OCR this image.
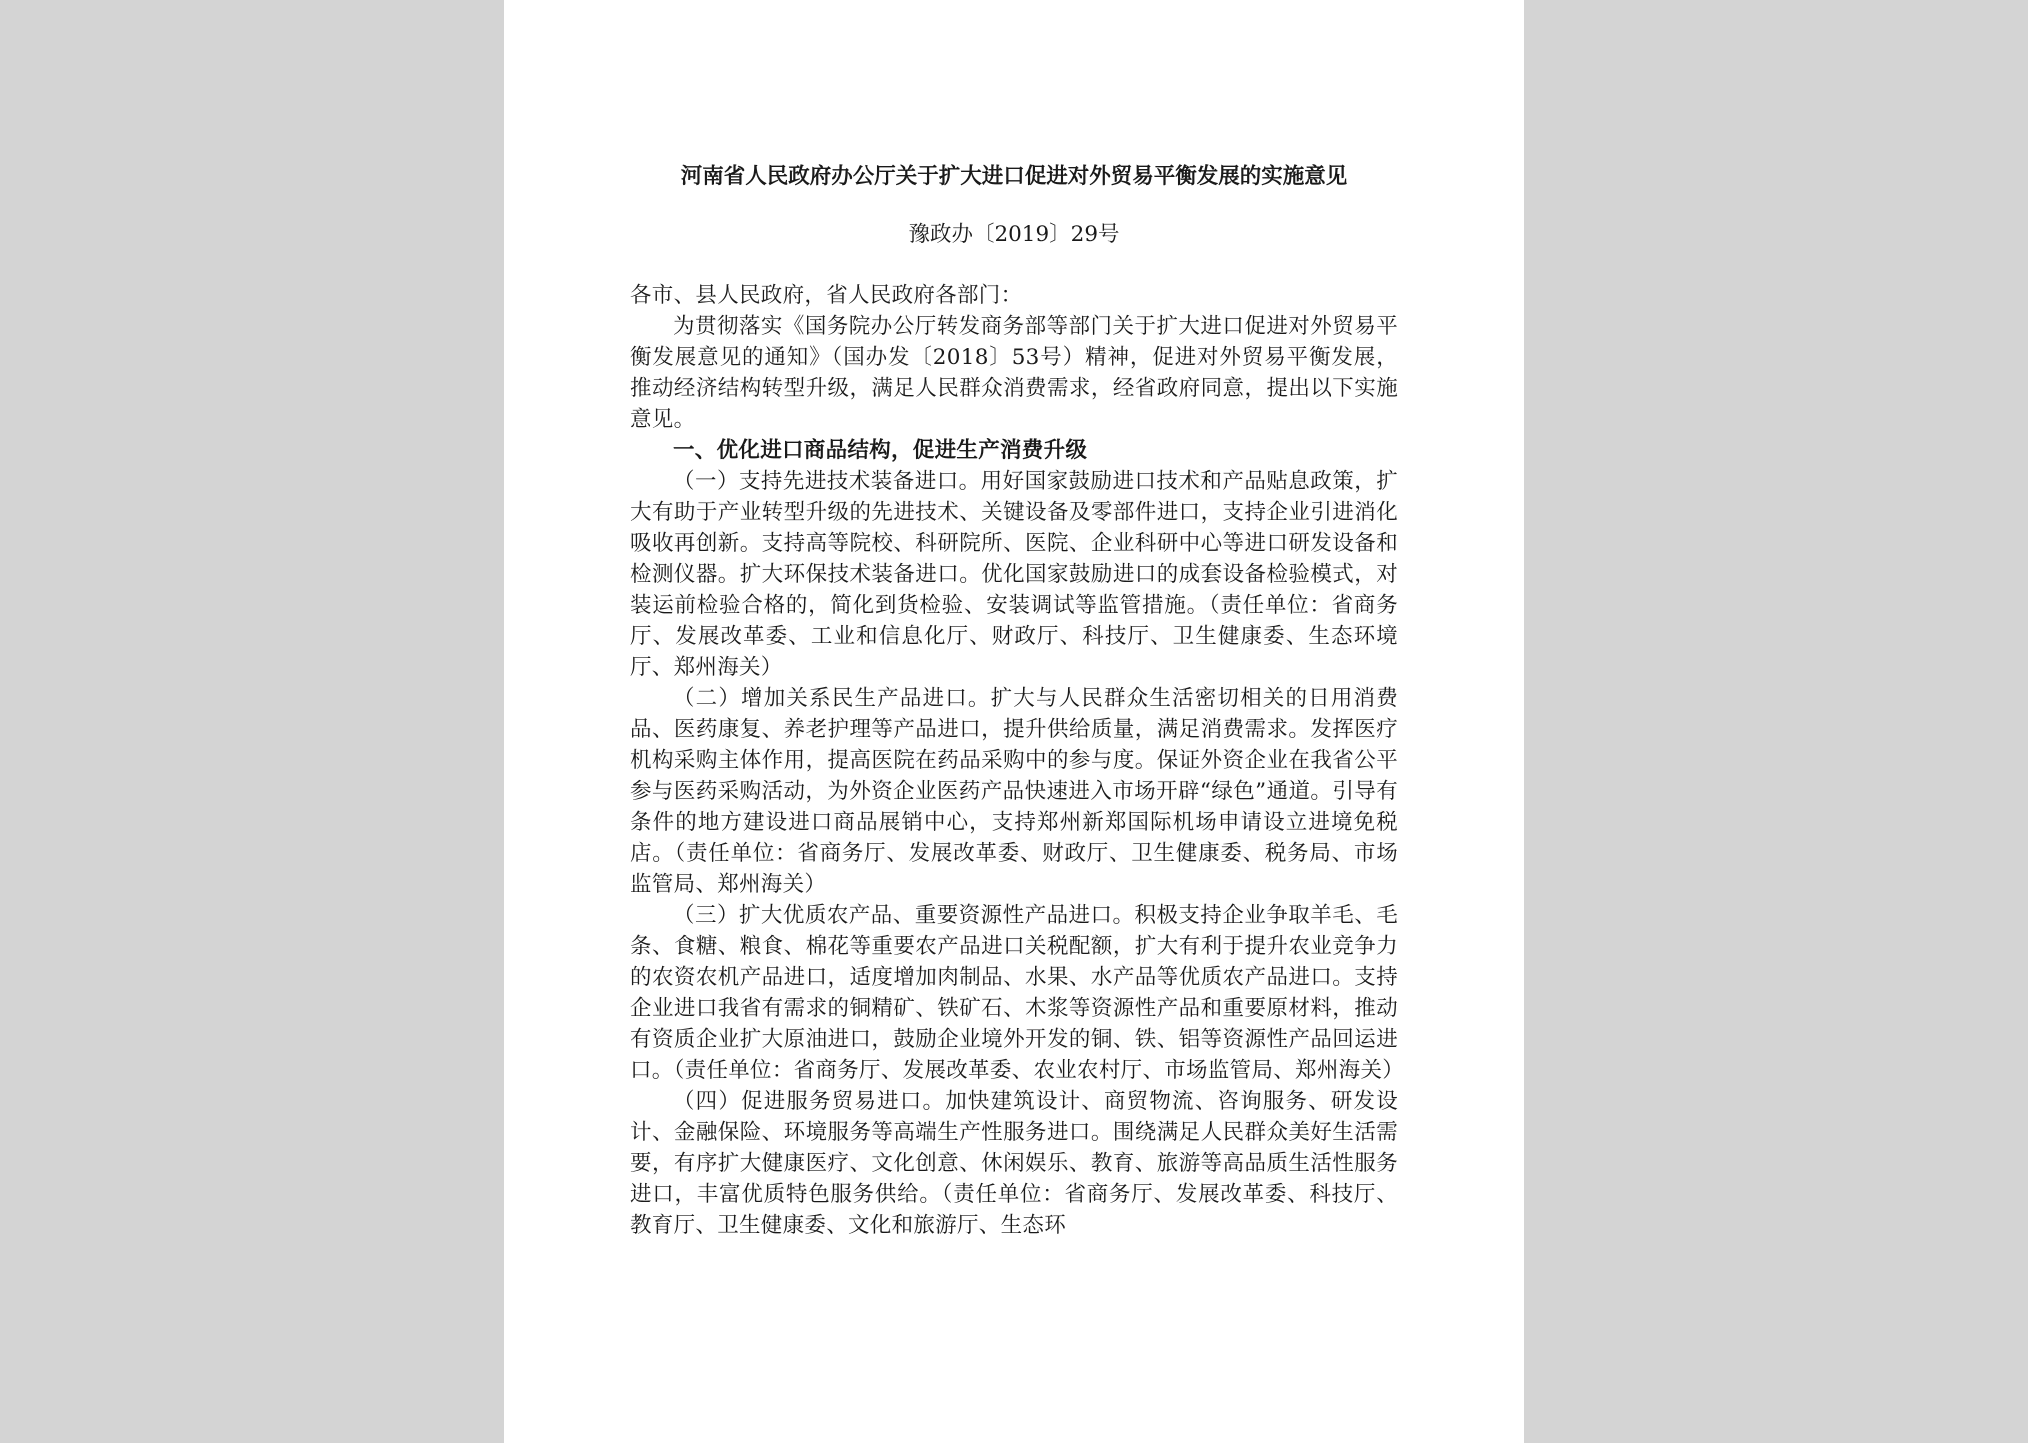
河南省人民政府办公厅关于扩大进口促进对外贸易平衡发展的实施意见

豫政办〔2019〕29号

各市、县人民政府，省人民政府各部门：

为贯彻落实《国务院办公厅转发商务部等部门关于扩大进口促进对外贸易平衡发展意见的通知》（国办发〔2018〕53号）精神，促进对外贸易平衡发展，推动经济结构转型升级，满足人民群众消费需求，经省政府同意，提出以下实施意见。

一、优化进口商品结构，促进生产消费升级

（一）支持先进技术装备进口。用好国家鼓励进口技术和产品贴息政策，扩大有助于产业转型升级的先进技术、关键设备及零部件进口，支持企业引进消化吸收再创新。支持高等院校、科研院所、医院、企业科研中心等进口研发设备和检测仪器。扩大环保技术装备进口。优化国家鼓励进口的成套设备检验模式，对装运前检验合格的，简化到货检验、安装调试等监管措施。（责任单位：省商务厅、发展改革委、工业和信息化厅、财政厅、科技厅、卫生健康委、生态环境厅、郑州海关）

（二）增加关系民生产品进口。扩大与人民群众生活密切相关的日用消费品、医药康复、养老护理等产品进口，提升供给质量，满足消费需求。发挥医疗机构采购主体作用，提高医院在药品采购中的参与度。保证外资企业在我省公平参与医药采购活动，为外资企业医药产品快速进入市场开辟“绿色”通道。引导有条件的地方建设进口商品展销中心，支持郑州新郑国际机场申请设立进境免税店。（责任单位：省商务厅、发展改革委、财政厅、卫生健康委、税务局、市场监管局、郑州海关）

（三）扩大优质农产品、重要资源性产品进口。积极支持企业争取羊毛、毛条、食糖、粮食、棉花等重要农产品进口关税配额，扩大有利于提升农业竞争力的农资农机产品进口，适度增加肉制品、水果、水产品等优质农产品进口。支持企业进口我省有需求的铜精矿、铁矿石、木浆等资源性产品和重要原材料，推动有资质企业扩大原油进口，鼓励企业境外开发的铜、铁、铝等资源性产品回运进口。（责任单位：省商务厅、发展改革委、农业农村厅、市场监管局、郑州海关）

（四）促进服务贸易进口。加快建筑设计、商贸物流、咨询服务、研发设计、金融保险、环境服务等高端生产性服务进口。围绕满足人民群众美好生活需要，有序扩大健康医疗、文化创意、休闲娱乐、教育、旅游等高品质生活性服务进口，丰富优质特色服务供给。（责任单位：省商务厅、发展改革委、科技厅、教育厅、卫生健康委、文化和旅游厅、生态环
